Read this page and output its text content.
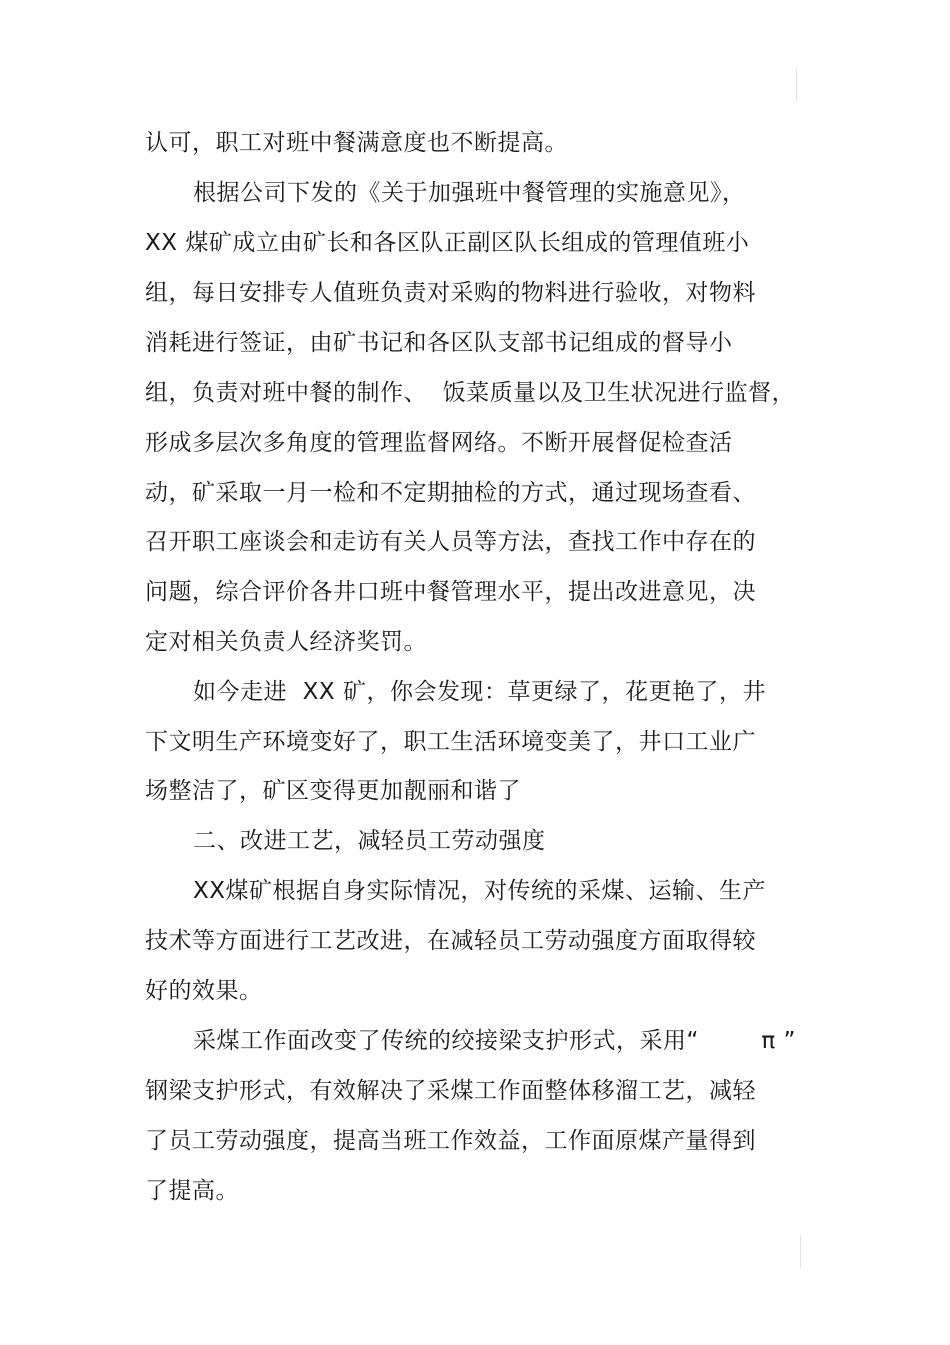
认可，职工对班中餐满意度也不断提高。
根据公司下发的《关于加强班中餐管理的实施意见》，
XX 煤矿成立由矿长和各区队正副区队长组成的管理值班小
组，每日安排专人值班负责对采购的物料进行验收，对物料
消耗进行签证，由矿书记和各区队支部书记组成的督导小
组，负责对班中餐的制作、  饭菜质量以及卫生状况进行监督，
形成多层次多角度的管理监督网络。不断开展督促检查活
动，矿采取一月一检和不定期抽检的方式，通过现场查看、
召开职工座谈会和走访有关人员等方法，查找工作中存在的
问题，综合评价各井口班中餐管理水平，提出改进意见，决
定对相关负责人经济奖罚。
如今走进  XX 矿，你会发现：草更绿了，花更艳了，井
下文明生产环境变好了，职工生活环境变美了，井口工业广
场整洁了，矿区变得更加靓丽和谐了
二、改进工艺，减轻员工劳动强度
XX煤矿根据自身实际情况，对传统的采煤、运输、生产
技术等方面进行工艺改进，在减轻员工劳动强度方面取得较
好的效果。
采煤工作面改变了传统的绞接梁支护形式，采用“        π ”
钢梁支护形式，有效解决了采煤工作面整体移溜工艺，减轻
了员工劳动强度，提高当班工作效益，工作面原煤产量得到
了提高。
